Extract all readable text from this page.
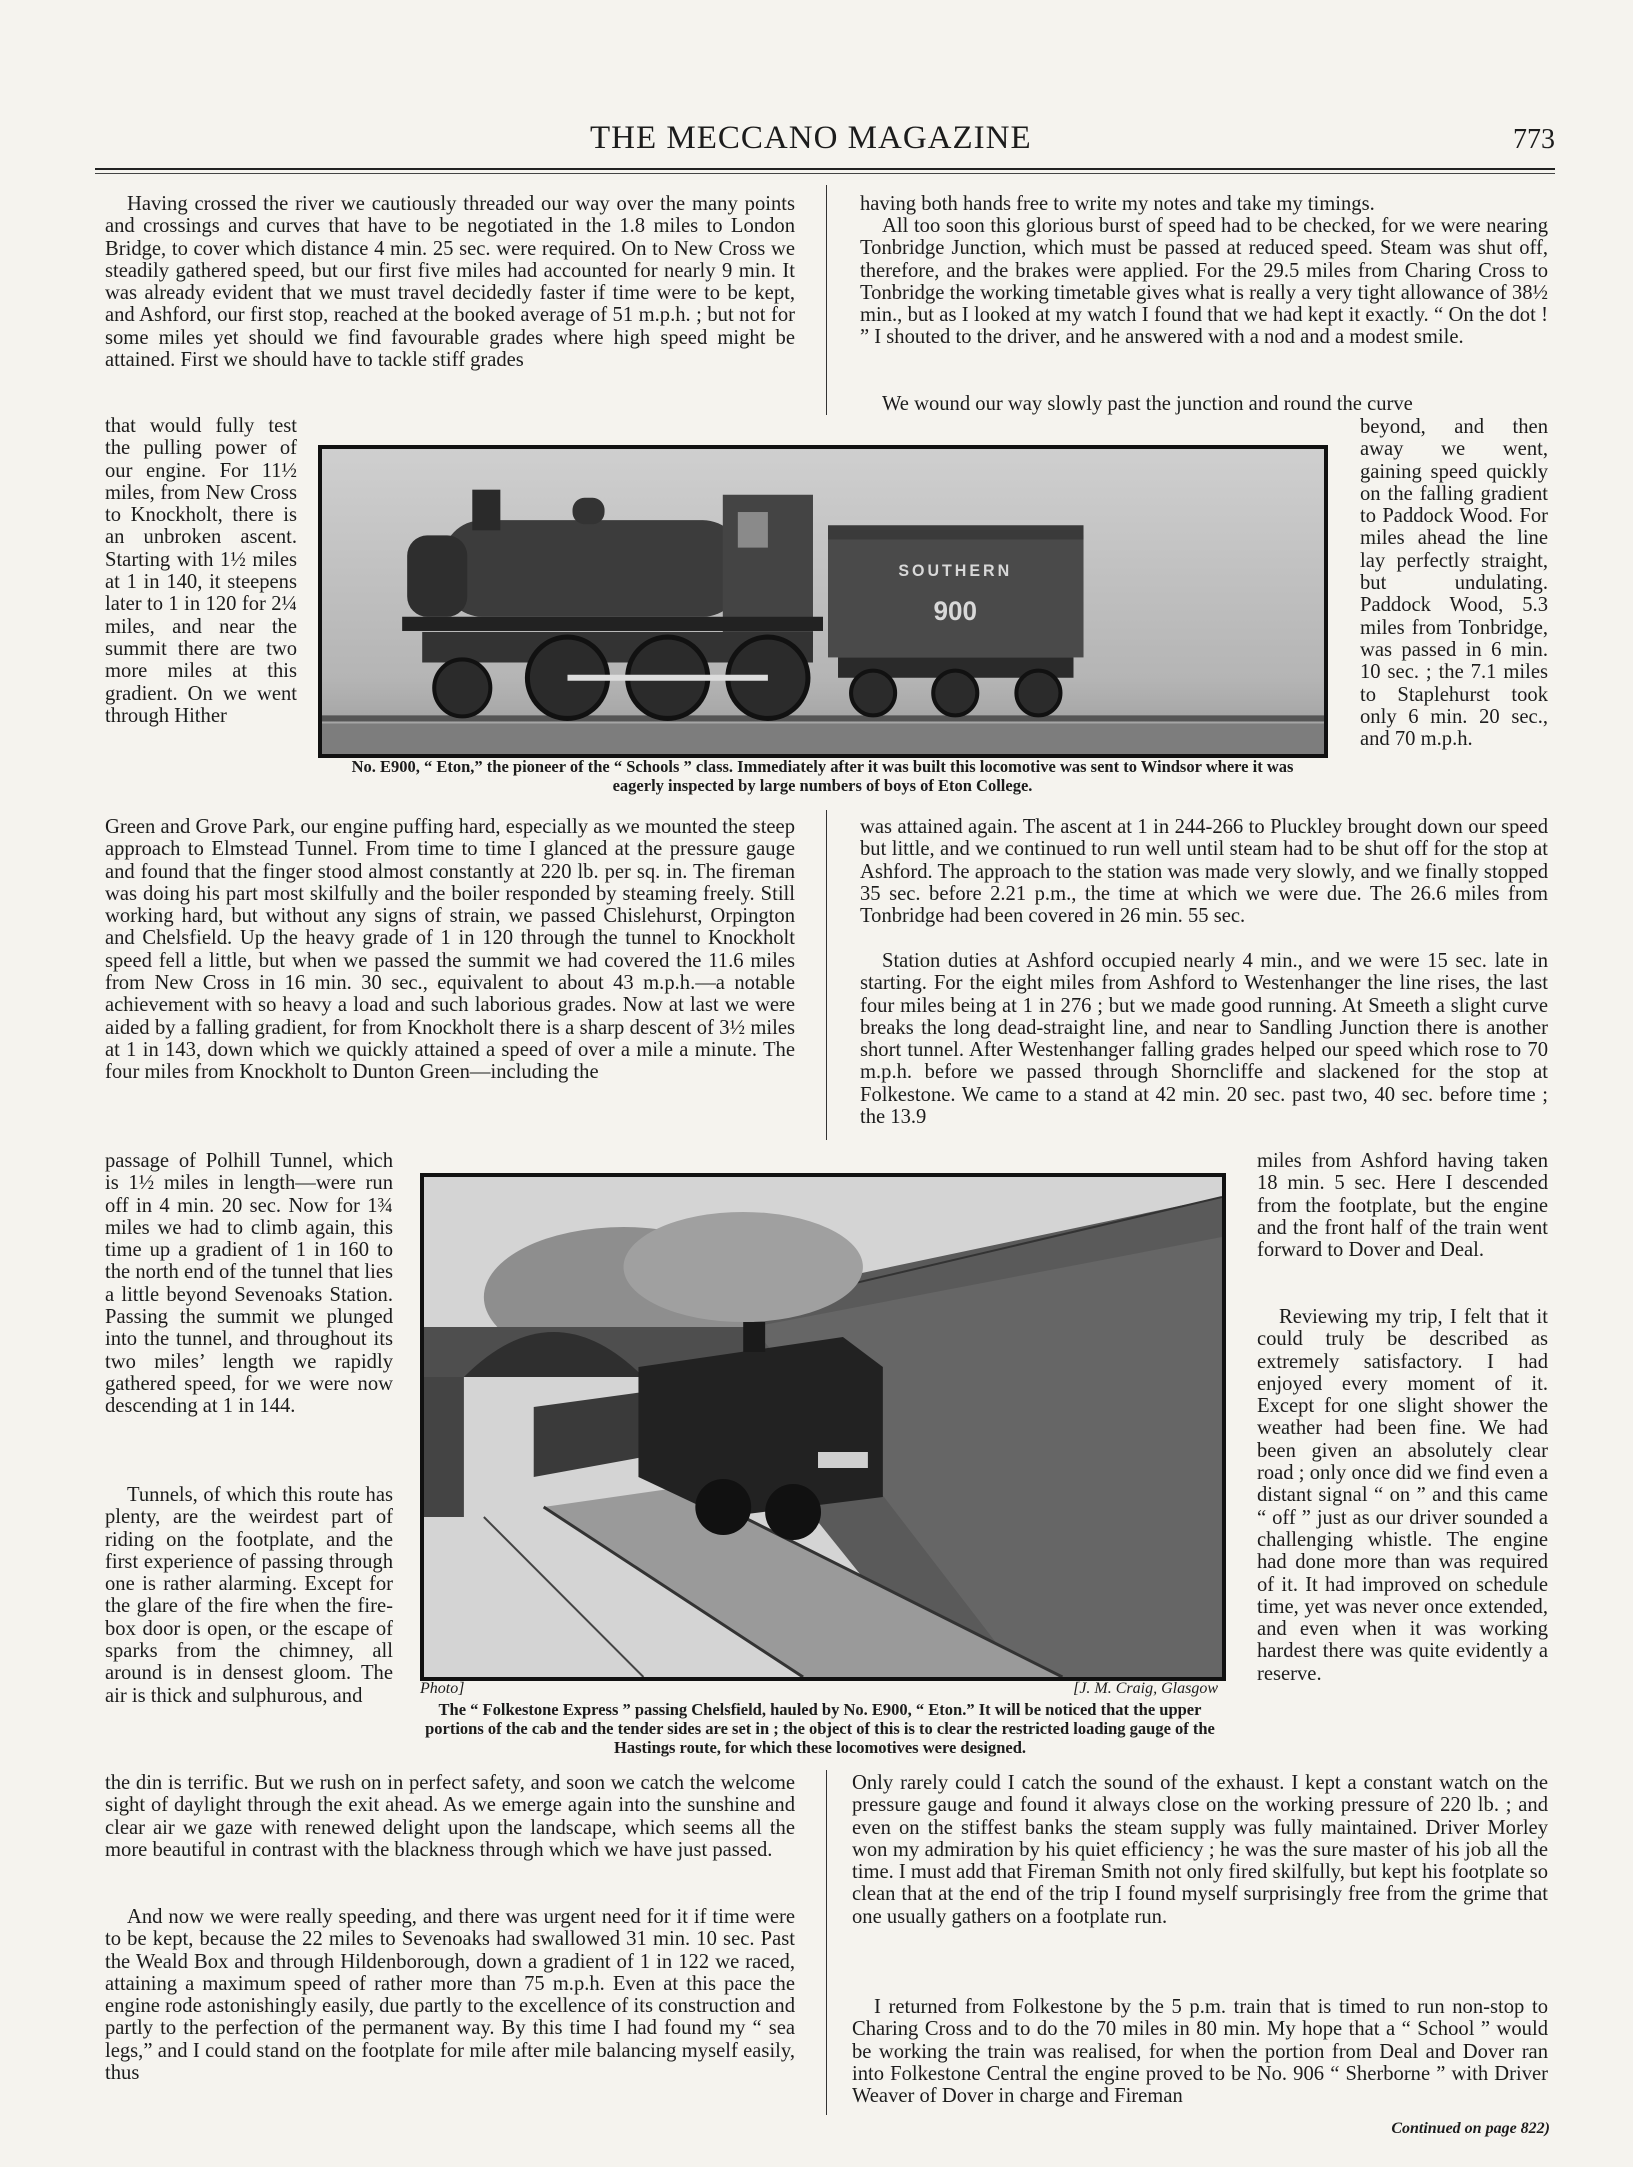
THE MECCANO MAGAZINE	773
Having crossed the river we cautiously threaded our way over the many points and crossings and curves that have to be negotiated in the 1.8 miles to London Bridge, to cover which distance 4 min. 25 sec. were required. On to New Cross we steadily gathered speed, but our first five miles had accounted for nearly 9 min. It was already evident that we must travel decidedly faster if time were to be kept, and Ashford, our first stop, reached at the booked average of 51 m.p.h. ; but not for some miles yet should we find favourable grades where high speed might be attained. First we should have to tackle stiff grades
that would fully test the pulling power of our engine. For 11½ miles, from New Cross to Knockholt, there is an unbroken ascent. Starting with 1½ miles at 1 in 140, it steepens later to 1 in 120 for 2¼ miles, and near the summit there are two more miles at this gradient. On we went through Hither
Green and Grove Park, our engine puffing hard, especially as we mounted the steep approach to Elmstead Tunnel. From time to time I glanced at the pressure gauge and found that the finger stood almost constantly at 220 lb. per sq. in. The fireman was doing his part most skilfully and the boiler responded by steaming freely. Still working hard, but without any signs of strain, we passed Chislehurst, Orpington and Chelsfield. Up the heavy grade of 1 in 120 through the tunnel to Knockholt speed fell a little, but when we passed the summit we had covered the 11.6 miles from New Cross in 16 min. 30 sec., equivalent to about 43 m.p.h.—a notable achievement with so heavy a load and such laborious grades. Now at last we were aided by a falling gradient, for from Knockholt there is a sharp descent of 3½ miles at 1 in 143, down which we quickly attained a speed of over a mile a minute. The four miles from Knockholt to Dunton Green—including the
passage of Polhill Tunnel, which is 1½ miles in length—were run off in 4 min. 20 sec. Now for 1¾ miles we had to climb again, this time up a gradient of 1 in 160 to the north end of the tunnel that lies a little beyond Sevenoaks Station. Passing the summit we plunged into the tunnel, and throughout its two miles’ length we rapidly gathered speed, for we were now descending at 1 in 144.
Tunnels, of which this route has plenty, are the weirdest part of riding on the footplate, and the first experience of passing through one is rather alarming. Except for the glare of the fire when the fire-box door is open, or the escape of sparks from the chimney, all around is in densest gloom. The air is thick and sulphurous, and
the din is terrific. But we rush on in perfect safety, and soon we catch the welcome sight of daylight through the exit ahead. As we emerge again into the sunshine and clear air we gaze with renewed delight upon the landscape, which seems all the more beautiful in contrast with the blackness through which we have just passed.
And now we were really speeding, and there was urgent need for it if time were to be kept, because the 22 miles to Sevenoaks had swallowed 31 min. 10 sec. Past the Weald Box and through Hildenborough, down a gradient of 1 in 122 we raced, attaining a maximum speed of rather more than 75 m.p.h. Even at this pace the engine rode astonishingly easily, due partly to the excellence of its construction and partly to the perfection of the permanent way. By this time I had found my “ sea legs,” and I could stand on the footplate for mile after mile balancing myself easily, thus
having both hands free to write my notes and take my timings.
All too soon this glorious burst of speed had to be checked, for we were nearing Tonbridge Junction, which must be passed at reduced speed. Steam was shut off, therefore, and the brakes were applied. For the 29.5 miles from Charing Cross to Tonbridge the working timetable gives what is really a very tight allowance of 38½ min., but as I looked at my watch I found that we had kept it exactly. “ On the dot ! ” I shouted to the driver, and he answered with a nod and a modest smile.
We wound our way slowly past the junction and round the curve
beyond, and then away we went, gaining speed quickly on the falling gradient to Paddock Wood. For miles ahead the line lay perfectly straight, but undulating. Paddock Wood, 5.3 miles from Tonbridge, was passed in 6 min. 10 sec. ; the 7.1 miles to Staplehurst took only 6 min. 20 sec., and 70 m.p.h.
was attained again. The ascent at 1 in 244-266 to Pluckley brought down our speed but little, and we continued to run well until steam had to be shut off for the stop at Ashford. The approach to the station was made very slowly, and we finally stopped 35 sec. before 2.21 p.m., the time at which we were due. The 26.6 miles from Tonbridge had been covered in 26 min. 55 sec.
Station duties at Ashford occupied nearly 4 min., and we were 15 sec. late in starting. For the eight miles from Ashford to Westenhanger the line rises, the last four miles being at 1 in 276 ; but we made good running. At Smeeth a slight curve breaks the long dead-straight line, and near to Sandling Junction there is another short tunnel. After Westenhanger falling grades helped our speed which rose to 70 m.p.h. before we passed through Shorncliffe and slackened for the stop at Folkestone. We came to a stand at 42 min. 20 sec. past two, 40 sec. before time ; the 13.9
miles from Ashford having taken 18 min. 5 sec. Here I descended from the footplate, but the engine and the front half of the train went forward to Dover and Deal.
Reviewing my trip, I felt that it could truly be described as extremely satisfactory. I had enjoyed every moment of it. Except for one slight shower the weather had been fine. We had been given an absolutely clear road ; only once did we find even a distant signal “ on ” and this came “ off ” just as our driver sounded a challenging whistle. The engine had done more than was required of it. It had improved on schedule time, yet was never once extended, and even when it was working hardest there was quite evidently a reserve.
Only rarely could I catch the sound of the exhaust. I kept a constant watch on the pressure gauge and found it always close on the working pressure of 220 lb. ; and even on the stiffest banks the steam supply was fully maintained. Driver Morley won my admiration by his quiet efficiency ; he was the sure master of his job all the time. I must add that Fireman Smith not only fired skilfully, but kept his footplate so clean that at the end of the trip I found myself surprisingly free from the grime that one usually gathers on a footplate run.
I returned from Folkestone by the 5 p.m. train that is timed to run non-stop to Charing Cross and to do the 70 miles in 80 min. My hope that a “ School ” would be working the train was realised, for when the portion from Deal and Dover ran into Folkestone Central the engine proved to be No. 906 “ Sherborne ” with Driver Weaver of Dover in charge and Fireman
Continued on page 822)
SOUTHERN
900
No. E900, “ Eton,” the pioneer of the “ Schools ” class. Immediately after it was built this locomotive was sent to Windsor where it was eagerly inspected by large numbers of boys of Eton College.
Photo]	[J. M. Craig, Glasgow
The “ Folkestone Express ” passing Chelsfield, hauled by No. E900, “ Eton.” It will be noticed that the upper portions of the cab and the tender sides are set in ; the object of this is to clear the restricted loading gauge of the Hastings route, for which these locomotives were designed.
